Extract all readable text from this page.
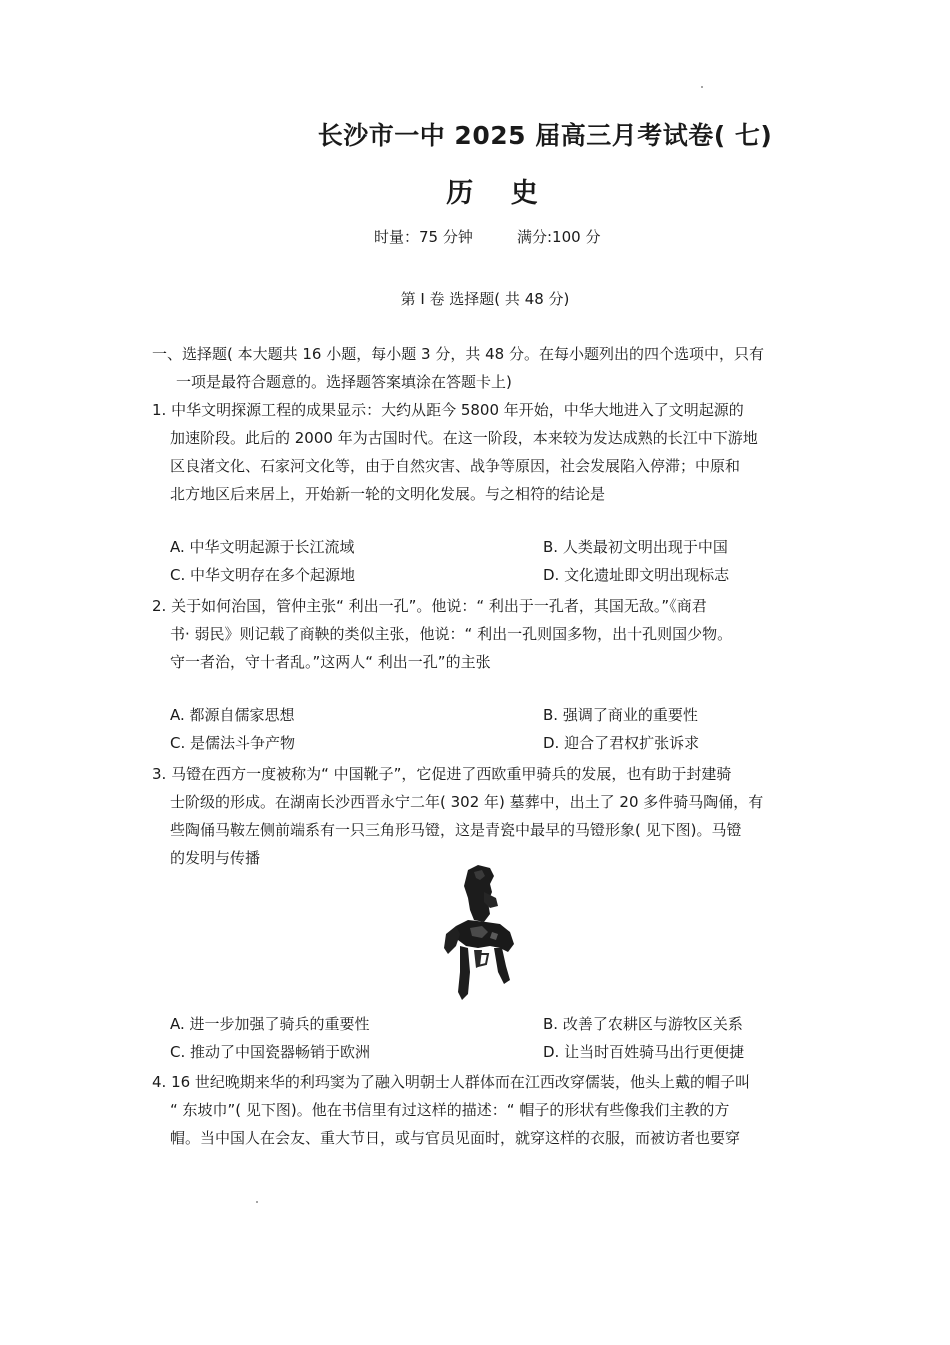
长沙市一中 2025 届高三月考试卷( 七)
历 史
时量：75 分钟	满分:100 分
第 Ⅰ 卷 选择题( 共 48 分)
一、选择题( 本大题共 16 小题，每小题 3 分，共 48 分。在每小题列出的四个选项中，只有
一项是最符合题意的。选择题答案填涂在答题卡上)
1. 中华文明探源工程的成果显示：大约从距今 5800 年开始，中华大地进入了文明起源的
加速阶段。此后的 2000 年为古国时代。在这一阶段，本来较为发达成熟的长江中下游地
区良渚文化、石家河文化等，由于自然灾害、战争等原因，社会发展陷入停滞；中原和
北方地区后来居上，开始新一轮的文明化发展。与之相符的结论是
A. 中华文明起源于长江流域	B. 人类最初文明出现于中国
C. 中华文明存在多个起源地	D. 文化遗址即文明出现标志
2. 关于如何治国，管仲主张“ 利出一孔”。他说：“ 利出于一孔者，其国无敌。”《商君
书· 弱民》则记载了商鞅的类似主张，他说：“ 利出一孔则国多物，出十孔则国少物。
守一者治，守十者乱。”这两人“ 利出一孔”的主张
A. 都源自儒家思想	B. 强调了商业的重要性
C. 是儒法斗争产物	D. 迎合了君权扩张诉求
3. 马镫在西方一度被称为“ 中国靴子”，它促进了西欧重甲骑兵的发展，也有助于封建骑
士阶级的形成。在湖南长沙西晋永宁二年( 302 年) 墓葬中，出土了 20 多件骑马陶俑，有
些陶俑马鞍左侧前端系有一只三角形马镫，这是青瓷中最早的马镫形象( 见下图)。马镫
的发明与传播
A. 进一步加强了骑兵的重要性	B. 改善了农耕区与游牧区关系
C. 推动了中国瓷器畅销于欧洲	D. 让当时百姓骑马出行更便捷
4. 16 世纪晚期来华的利玛窦为了融入明朝士人群体而在江西改穿儒装，他头上戴的帽子叫
“ 东坡巾”( 见下图)。他在书信里有过这样的描述：“ 帽子的形状有些像我们主教的方
帽。当中国人在会友、重大节日，或与官员见面时，就穿这样的衣服，而被访者也要穿
